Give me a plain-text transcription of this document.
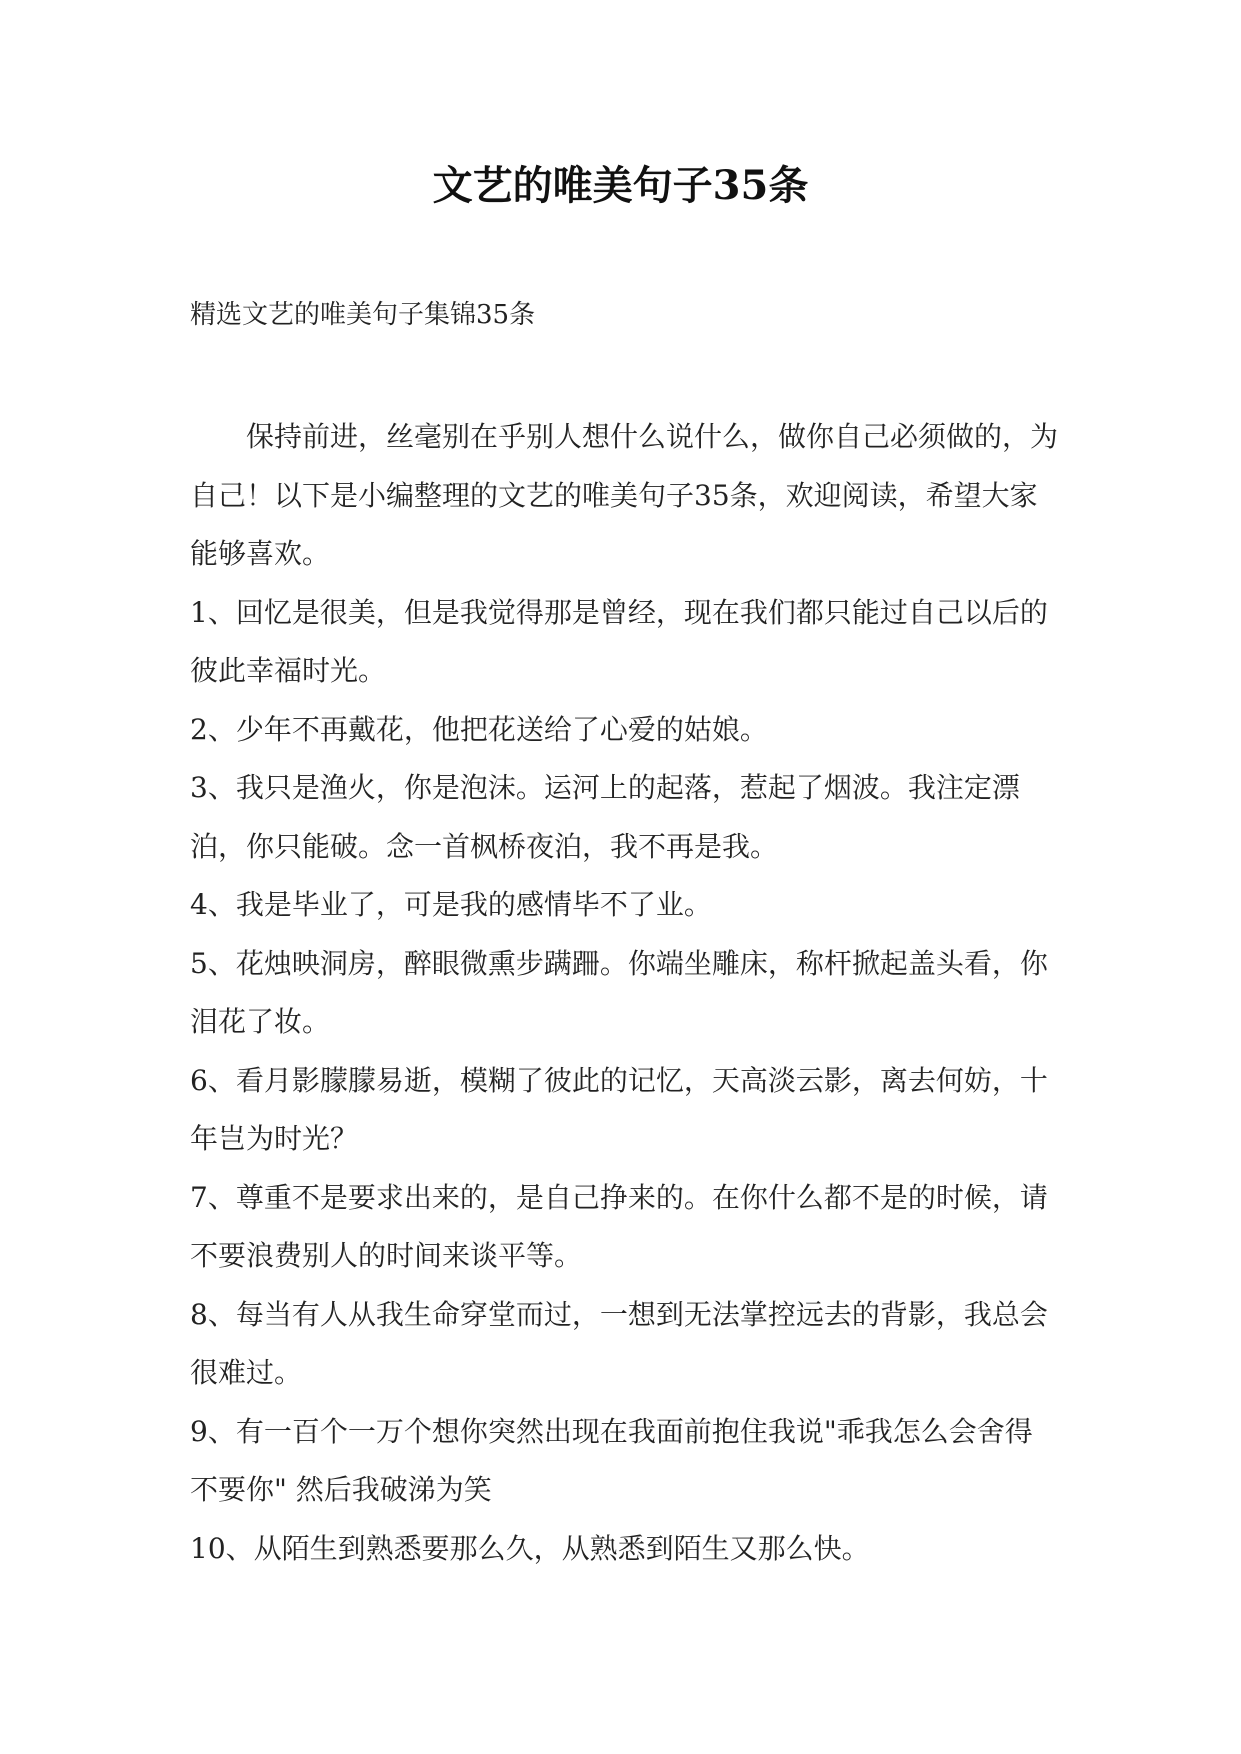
文艺的唯美句子35条
精选文艺的唯美句子集锦35条

保持前进，丝毫别在乎别人想什么说什么，做你自己必须做的，为自己！以下是小编整理的文艺的唯美句子35条，欢迎阅读，希望大家能够喜欢。

1、回忆是很美，但是我觉得那是曾经，现在我们都只能过自己以后的彼此幸福时光。

2、少年不再戴花，他把花送给了心爱的姑娘。

3、我只是渔火，你是泡沫。运河上的起落，惹起了烟波。我注定漂泊，你只能破。念一首枫桥夜泊，我不再是我。

4、我是毕业了，可是我的感情毕不了业。

5、花烛映洞房，醉眼微熏步蹒跚。你端坐雕床，称杆掀起盖头看，你泪花了妆。

6、看月影朦朦易逝，模糊了彼此的记忆，天高淡云影，离去何妨，十年岂为时光？

7、尊重不是要求出来的，是自己挣来的。在你什么都不是的时候，请不要浪费别人的时间来谈平等。

8、每当有人从我生命穿堂而过，一想到无法掌控远去的背影，我总会很难过。

9、有一百个一万个想你突然出现在我面前抱住我说"乖我怎么会舍得不要你" 然后我破涕为笑

10、从陌生到熟悉要那么久，从熟悉到陌生又那么快。
